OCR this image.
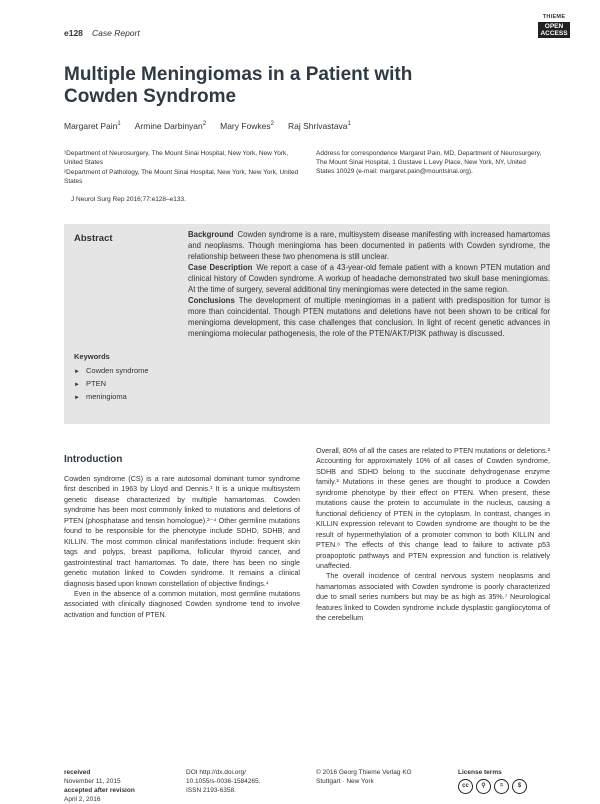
e128 Case Report
THIEME
OPEN
ACCESS
Multiple Meningiomas in a Patient with Cowden Syndrome
Margaret Pain$^1$ Armine Darbinyan$^2$ Mary Fowkes$^2$ Raj Shrivastava$^1$
¹Department of Neurosurgery, The Mount Sinai Hospital, New York, New York, United States
²Department of Pathology, The Mount Sinai Hospital, New York, New York, United States
Address for correspondence Margaret Pain, MD, Department of Neurosurgery, The Mount Sinai Hospital, 1 Gustave L Levy Place, New York, NY, United States 10029 (e-mail: margaret.pain@mountsinai.org).
J Neurol Surg Rep 2016;77:e128–e133.
Abstract
Keywords
► Cowden syndrome
► PTEN
► meningioma

Background Cowden syndrome is a rare, multisystem disease manifesting with increased hamartomas and neoplasms. Though meningioma has been documented in patients with Cowden syndrome, the relationship between these two phenomena is still unclear.

Case Description We report a case of a 43-year-old female patient with a known PTEN mutation and clinical history of Cowden syndrome. A workup of headache demonstrated two skull base meningiomas. At the time of surgery, several additional tiny meningiomas were detected in the same region.

Conclusions The development of multiple meningiomas in a patient with predisposition for tumor is more than coincidental. Though PTEN mutations and deletions have not been shown to be critical for meningioma development, this case challenges that conclusion. In light of recent genetic advances in meningioma molecular pathogenesis, the role of the PTEN/AKT/PI3K pathway is discussed.

Introduction

Cowden syndrome (CS) is a rare autosomal dominant tumor syndrome first described in 1963 by Lloyd and Dennis.¹ It is a unique multisystem genetic disease characterized by multiple hamartomas. Cowden syndrome has been most commonly linked to mutations and deletions of PTEN (phosphatase and tensin homologue).²⁻⁴ Other germline mutations found to be responsible for the phenotype include SDHD, SDHB, and KILLIN. The most common clinical manifestations include: frequent skin tags and polyps, breast papilloma, follicular thyroid cancer, and gastrointestinal tract hamartomas. To date, there has been no single genetic mutation linked to Cowden syndrome. It remains a clinical diagnosis based upon known constellation of objective findings.⁴

Even in the absence of a common mutation, most germline mutations associated with clinically diagnosed Cowden syndrome tend to involve activation and function of PTEN.

Overall, 80% of all the cases are related to PTEN mutations or deletions.² Accounting for approximately 10% of all cases of Cowden syndrome, SDHB and SDHD belong to the succinate dehydrogenase enzyme family.³ Mutations in these genes are thought to produce a Cowden syndrome phenotype by their effect on PTEN. When present, these mutations cause the protein to accumulate in the nucleus, causing a functional deficiency of PTEN in the cytoplasm. In contrast, changes in KILLIN expression relevant to Cowden syndrome are thought to be the result of hypermethylation of a promoter common to both KILLIN and PTEN.⁶ The effects of this change lead to failure to activate p53 proapoptotic pathways and PTEN expression and function is relatively unaffected.

The overall incidence of central nervous system neoplasms and hamartomas associated with Cowden syndrome is poorly characterized due to small series numbers but may be as high as 35%.⁷ Neurological features linked to Cowden syndrome include dysplastic gangliocytoma of the cerebellum

received
November 11, 2015
accepted after revision
April 2, 2016
DOI http://dx.doi.org/
10.1055/s-0036-1584265.
ISSN 2193-6358.
© 2016 Georg Thieme Verlag KG
Stuttgart · New York
License terms
cc	⚲	=	$
